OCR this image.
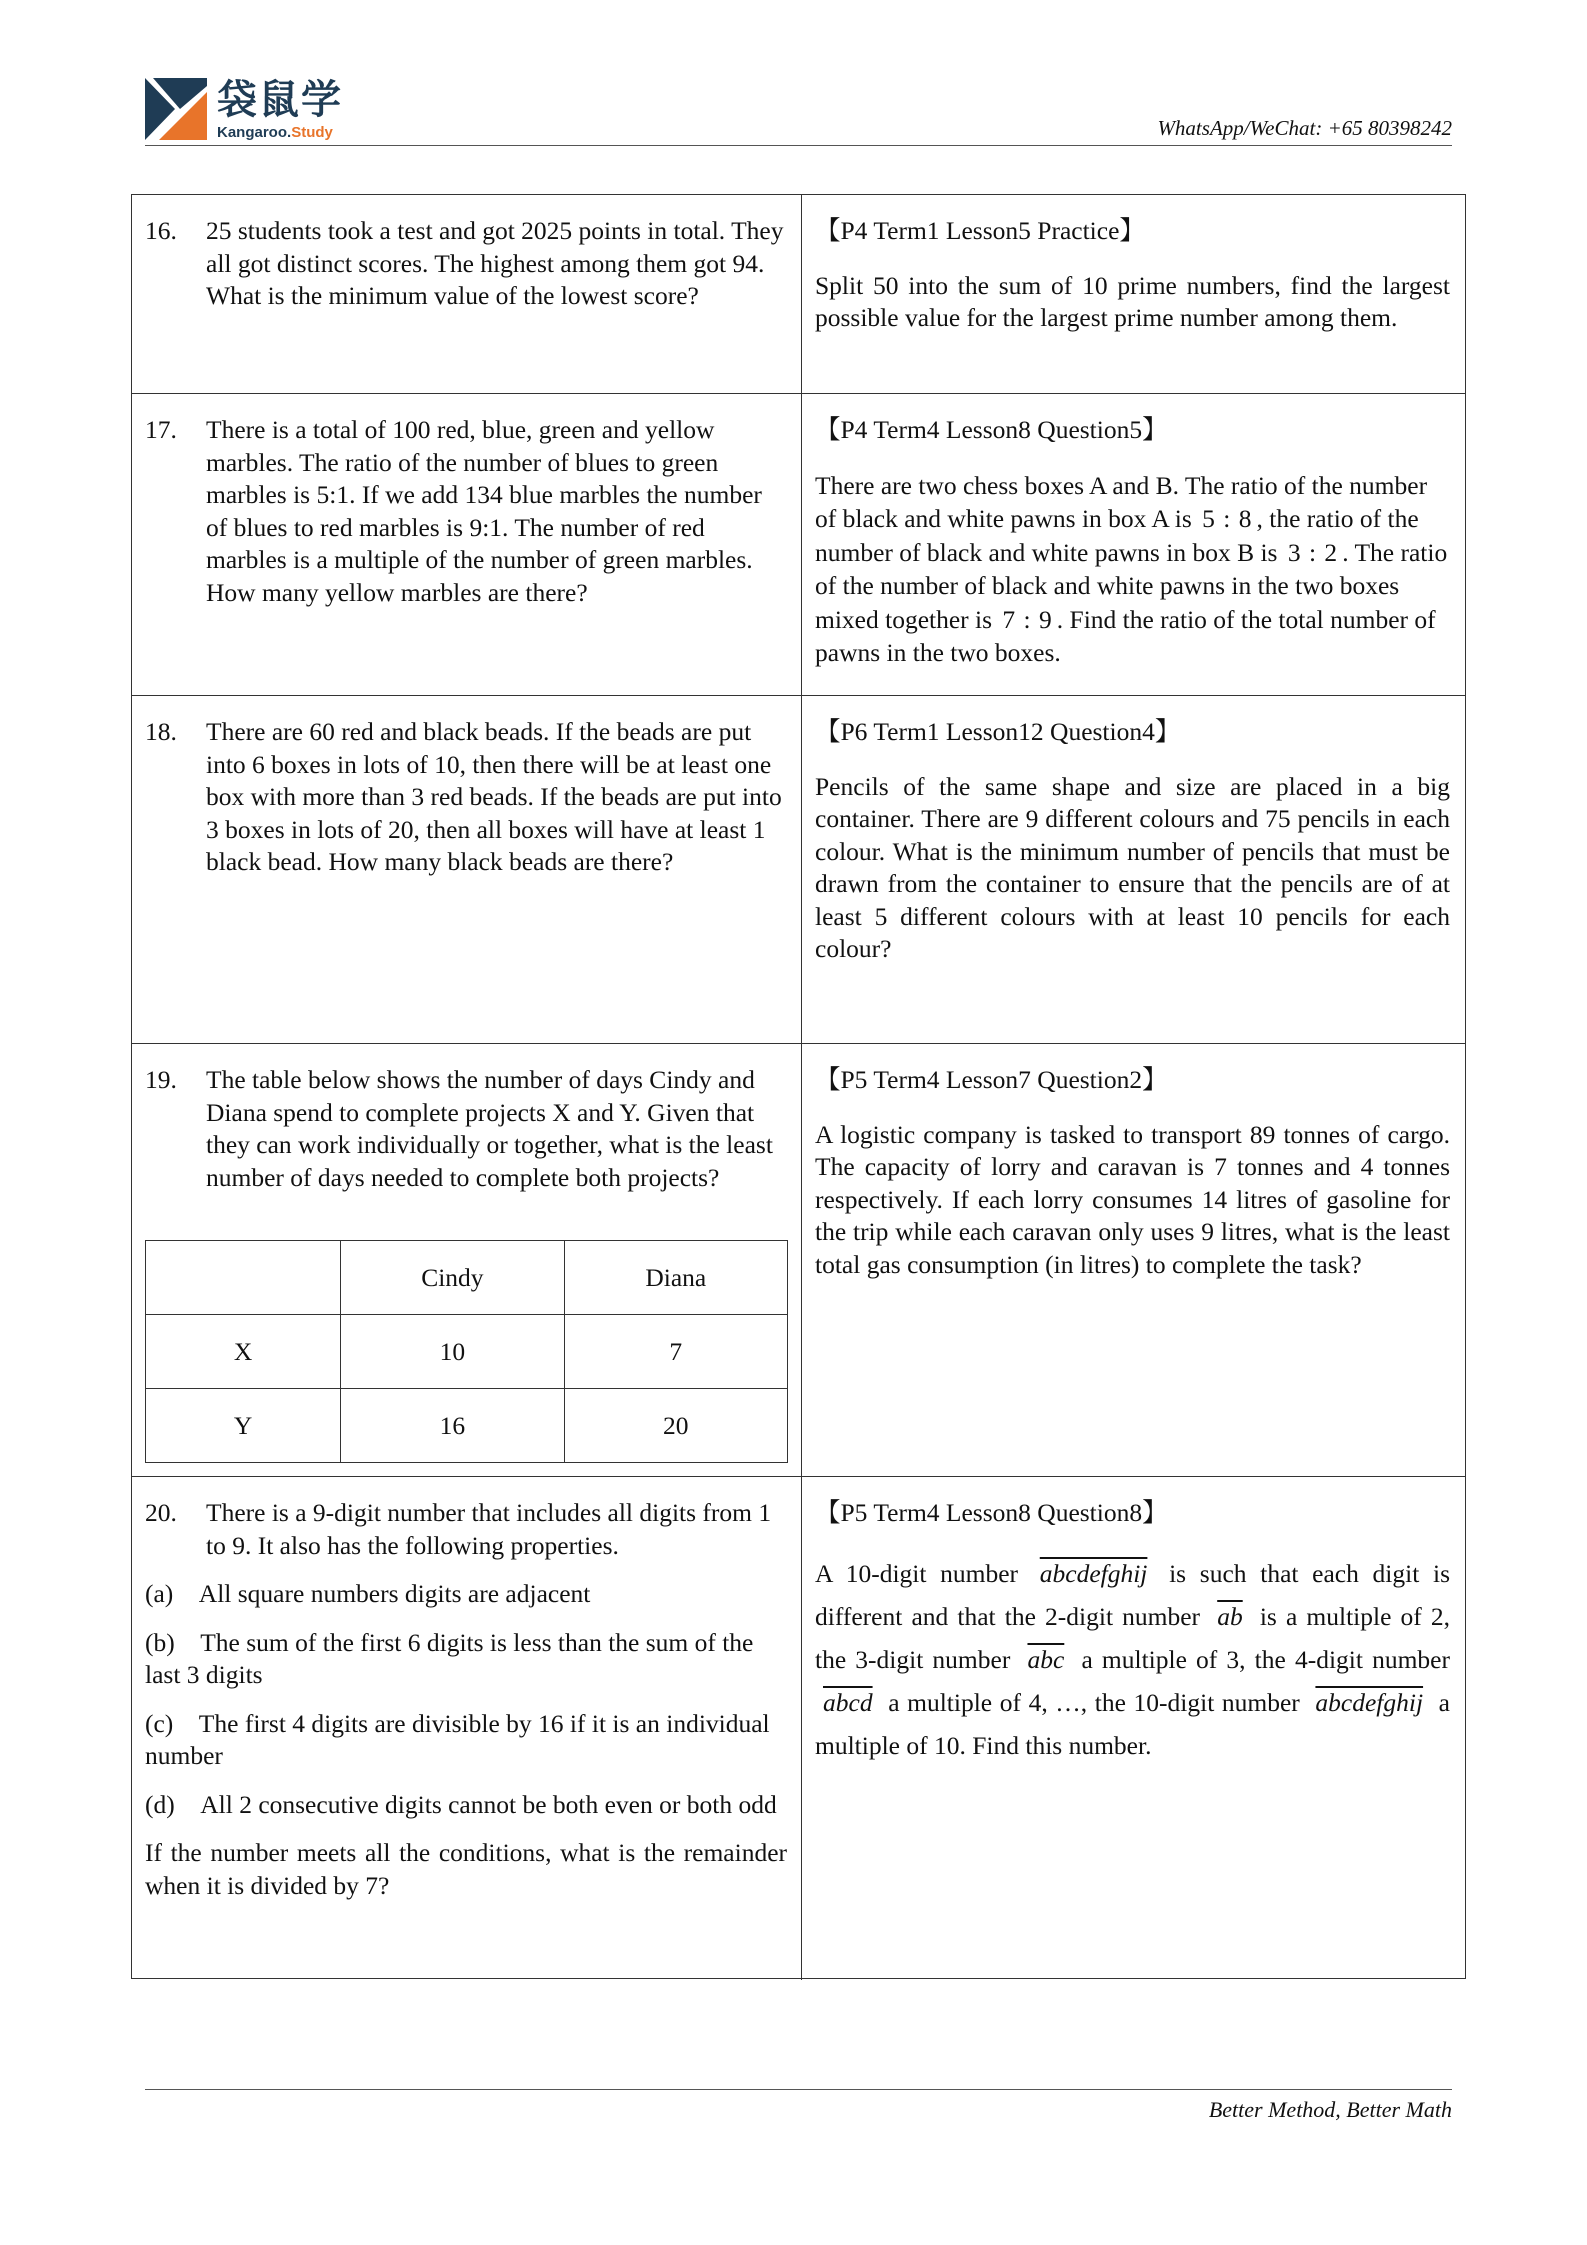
袋鼠学
Kangaroo.Study	WhatsApp/WeChat: +65 80398242
16. 25 students took a test and got 2025 points in total. They all got distinct scores. The highest among them got 94. What is the minimum value of the lowest score?
【P4 Term1 Lesson5 Practice】
Split 50 into the sum of 10 prime numbers, find the largest possible value for the largest prime number among them.
17. There is a total of 100 red, blue, green and yellow marbles. The ratio of the number of blues to green marbles is 5:1. If we add 134 blue marbles the number of blues to red marbles is 9:1. The number of red marbles is a multiple of the number of green marbles. How many yellow marbles are there?
【P4 Term4 Lesson8 Question5】
There are two chess boxes A and B. The ratio of the number of black and white pawns in box A is 5 : 8 , the ratio of the number of black and white pawns in box B is 3 : 2 . The ratio of the number of black and white pawns in the two boxes mixed together is 7 : 9 . Find the ratio of the total number of pawns in the two boxes.
18. There are 60 red and black beads. If the beads are put into 6 boxes in lots of 10, then there will be at least one box with more than 3 red beads. If the beads are put into 3 boxes in lots of 20, then all boxes will have at least 1 black bead. How many black beads are there?
【P6 Term1 Lesson12 Question4】
Pencils of the same shape and size are placed in a big container. There are 9 different colours and 75 pencils in each colour. What is the minimum number of pencils that must be drawn from the container to ensure that the pencils are of at least 5 different colours with at least 10 pencils for each colour?
19. The table below shows the number of days Cindy and Diana spend to complete projects X and Y. Given that they can work individually or together, what is the least number of days needed to complete both projects?
	Cindy	Diana
X	10	7
Y	16	20
【P5 Term4 Lesson7 Question2】
A logistic company is tasked to transport 89 tonnes of cargo. The capacity of lorry and caravan is 7 tonnes and 4 tonnes respectively. If each lorry consumes 14 litres of gasoline for the trip while each caravan only uses 9 litres, what is the least total gas consumption (in litres) to complete the task?
20. There is a 9-digit number that includes all digits from 1 to 9. It also has the following properties.
(a) All square numbers digits are adjacent
(b) The sum of the first 6 digits is less than the sum of the last 3 digits
(c) The first 4 digits are divisible by 16 if it is an individual number
(d) All 2 consecutive digits cannot be both even or both odd
If the number meets all the conditions, what is the remainder when it is divided by 7?
【P5 Term4 Lesson8 Question8】
A 10-digit number abcdefghij is such that each digit is different and that the 2-digit number $\overline{ab}$ is a multiple of 2, the 3-digit number $\overline{abc}$ a multiple of 3, the 4-digit number abcd a multiple of 4, …, the 10-digit number abcdefghij a multiple of 10. Find this number.
Better Method, Better Math
